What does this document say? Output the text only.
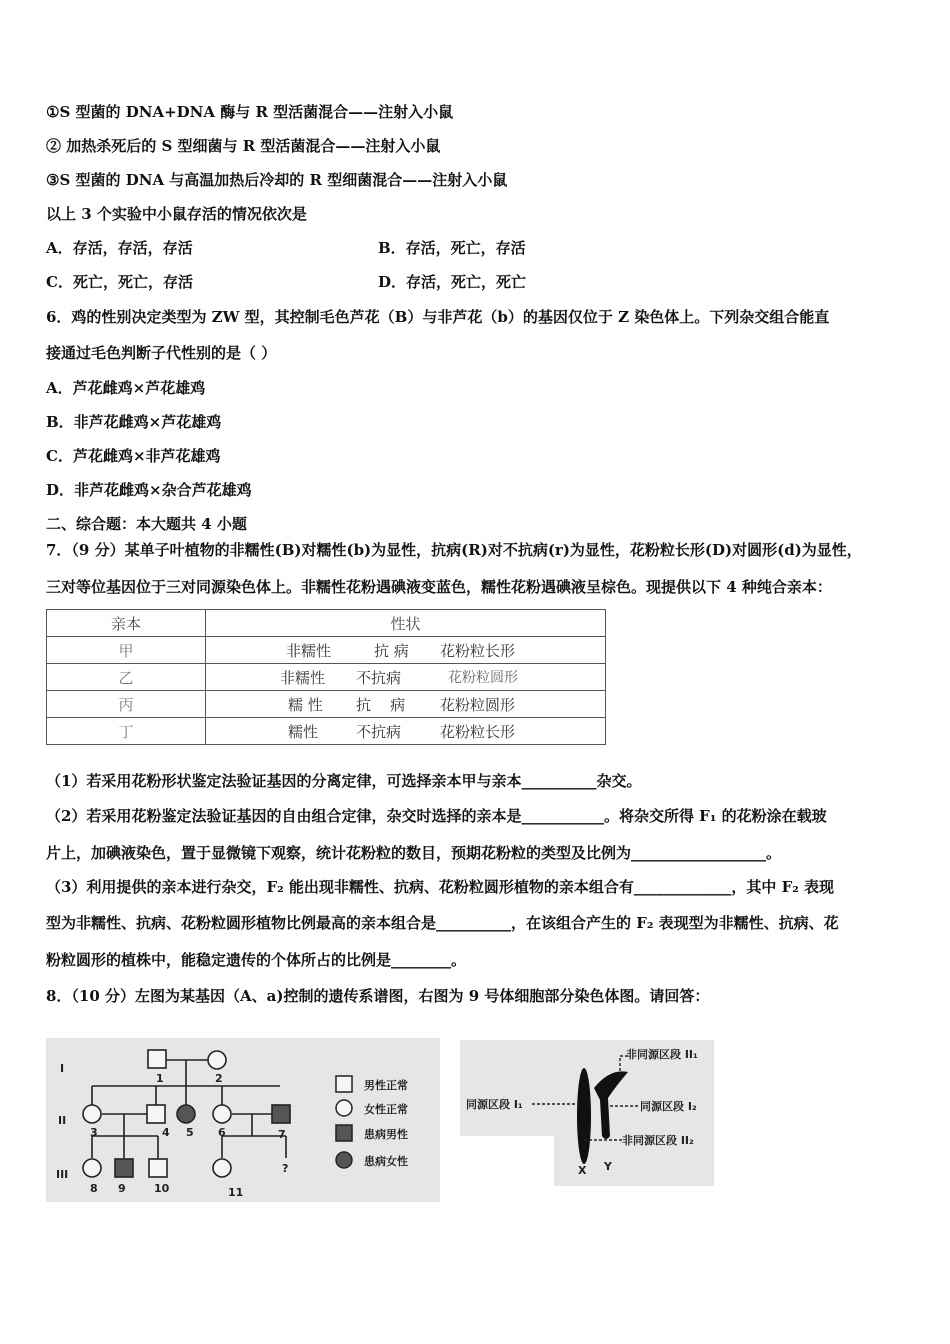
①S 型菌的 DNA+DNA 酶与 R 型活菌混合——注射入小鼠
② 加热杀死后的 S 型细菌与 R 型活菌混合——注射入小鼠
③S 型菌的 DNA 与高温加热后冷却的 R 型细菌混合——注射入小鼠
以上 3 个实验中小鼠存活的情况依次是
A．存活，存活，存活	B．存活，死亡，存活
C．死亡，死亡，存活	D．存活，死亡，死亡
6．鸡的性别决定类型为 ZW 型，其控制毛色芦花（B）与非芦花（b）的基因仅位于 Z 染色体上。下列杂交组合能直
接通过毛色判断子代性别的是（ ）
A．芦花雌鸡×芦花雄鸡
B．非芦花雌鸡×芦花雄鸡
C．芦花雌鸡×非芦花雄鸡
D．非芦花雌鸡×杂合芦花雄鸡
二、综合题：本大题共 4 小题
7．（9 分）某单子叶植物的非糯性(B)对糯性(b)为显性，抗病(R)对不抗病(r)为显性，花粉粒长形(D)对圆形(d)为显性，
三对等位基因位于三对同源染色体上。非糯性花粉遇碘液变蓝色，糯性花粉遇碘液呈棕色。现提供以下 4 种纯合亲本：
亲本	性状
甲	非糯性 抗 病 花粉粒长形

乙	非糯性 不抗病 花粉粒圆形

丙	糯 性 抗    病 花粉粒圆形

丁	糯性 不抗病 花粉粒长形
（1）若采用花粉形状鉴定法验证基因的分离定律，可选择亲本甲与亲本__________杂交。
（2）若采用花粉鉴定法验证基因的自由组合定律，杂交时选择的亲本是___________。将杂交所得 F₁ 的花粉涂在载玻
片上，加碘液染色，置于显微镜下观察，统计花粉粒的数目，预期花粉粒的类型及比例为__________________。
（3）利用提供的亲本进行杂交，F₂ 能出现非糯性、抗病、花粉粒圆形植物的亲本组合有_____________，其中 F₂ 表现
型为非糯性、抗病、花粉粒圆形植物比例最高的亲本组合是__________，在该组合产生的 F₂ 表现型为非糯性、抗病、花
粉粒圆形的植株中，能稳定遗传的个体所占的比例是________。
8．（10 分）左图为某基因（A、a)控制的遗传系谱图，右图为 9 号体细胞部分染色体图。请回答：
I
II
III
1	2
3	4 5 6	7
8 9	10	11
?
男性正常
女性正常
患病男性
患病女性
非同源区段 II₁
同源区段 I₂
非同源区段 II₂
同源区段 I₁
X Y
